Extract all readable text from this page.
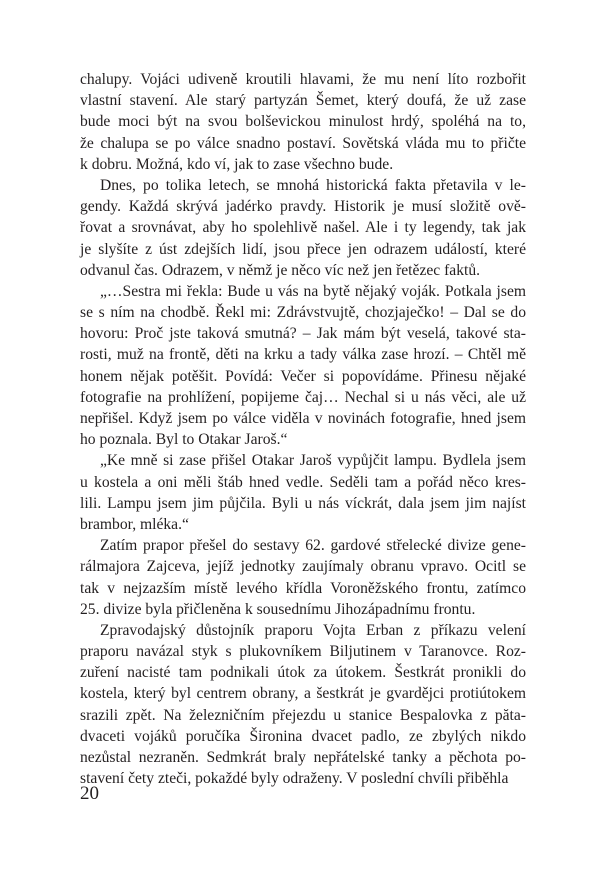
chalupy. Vojáci udiveně kroutili hlavami, že mu není líto rozbořit
vlastní stavení. Ale starý partyzán Šemet, který doufá, že už zase
bude moci být na svou bolševickou minulost hrdý, spoléhá na to,
že chalupa se po válce snadno postaví. Sovětská vláda mu to přičte
k dobru. Možná, kdo ví, jak to zase všechno bude.
Dnes, po tolika letech, se mnohá historická fakta přetavila v le-
gendy. Každá skrývá jadérko pravdy. Historik je musí složitě ově-
řovat a srovnávat, aby ho spolehlivě našel. Ale i ty legendy, tak jak
je slyšíte z úst zdejších lidí, jsou přece jen odrazem událostí, které
odvanul čas. Odrazem, v němž je něco víc než jen řetězec faktů.
„…Sestra mi řekla: Bude u vás na bytě nějaký voják. Potkala jsem
se s ním na chodbě. Řekl mi: Zdrávstvujtě, chozjaječko! – Dal se do
hovoru: Proč jste taková smutná? – Jak mám být veselá, takové sta-
rosti, muž na frontě, děti na krku a tady válka zase hrozí. – Chtěl mě
honem nějak potěšit. Povídá: Večer si popovídáme. Přinesu nějaké
fotografie na prohlížení, popijeme čaj… Nechal si u nás věci, ale už
nepřišel. Když jsem po válce viděla v novinách fotografie, hned jsem
ho poznala. Byl to Otakar Jaroš.“
„Ke mně si zase přišel Otakar Jaroš vypůjčit lampu. Bydlela jsem
u kostela a oni měli štáb hned vedle. Seděli tam a pořád něco kres-
lili. Lampu jsem jim půjčila. Byli u nás víckrát, dala jsem jim najíst
brambor, mléka.“
Zatím prapor přešel do sestavy 62. gardové střelecké divize gene-
rálmajora Zajceva, jejíž jednotky zaujímaly obranu vpravo. Ocitl se
tak v nejzazším místě levého křídla Voroněžského frontu, zatímco
25. divize byla přičleněna k sousednímu Jihozápadnímu frontu.
Zpravodajský důstojník praporu Vojta Erban z příkazu velení
praporu navázal styk s plukovníkem Biljutinem v Taranovce. Roz-
zuření nacisté tam podnikali útok za útokem. Šestkrát pronikli do
kostela, který byl centrem obrany, a šestkrát je gvardějci protiútokem
srazili zpět. Na železničním přejezdu u stanice Bespalovka z păta-
dvaceti vojáků poručíka Šironina dvacet padlo, ze zbylých nikdo
nezůstal nezraněn. Sedmkrát braly nepřátelské tanky a pěchota po-
stavení čety zteči, pokaždé byly odraženy. V poslední chvíli přiběhla
20
